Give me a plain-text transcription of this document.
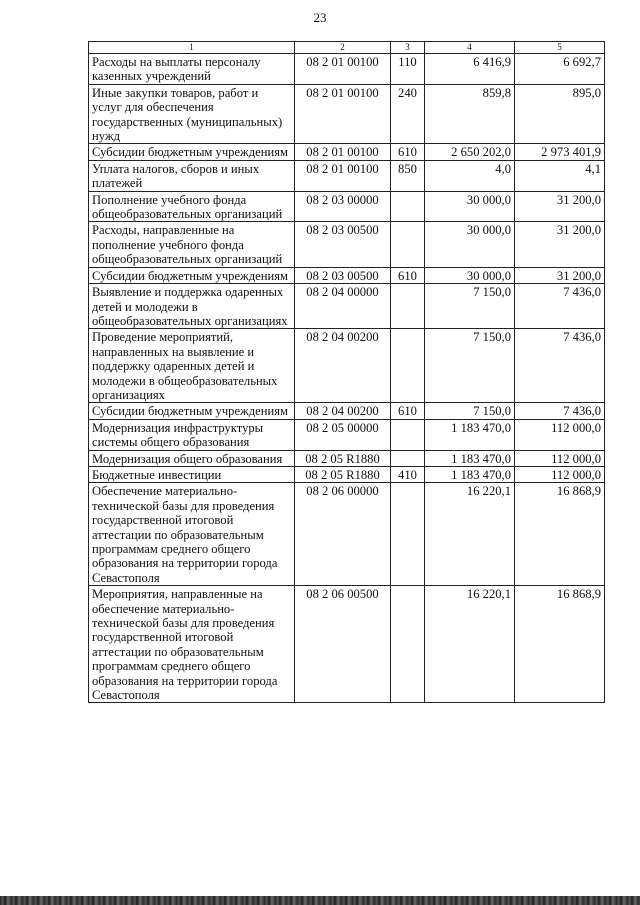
23
1	2	3	4	5
Расходы на выплаты персоналу казенных учреждений	08 2 01 00100	110	6 416,9	6 692,7
Иные закупки товаров, работ и услуг для обеспечения государственных (муниципальных) нужд	08 2 01 00100	240	859,8	895,0
Субсидии бюджетным учреждениям	08 2 01 00100	610	2 650 202,0	2 973 401,9
Уплата налогов, сборов и иных платежей	08 2 01 00100	850	4,0	4,1
Пополнение учебного фонда общеобразовательных организаций	08 2 03 00000		30 000,0	31 200,0
Расходы, направленные на пополнение учебного фонда общеобразовательных организаций	08 2 03 00500		30 000,0	31 200,0
Субсидии бюджетным учреждениям	08 2 03 00500	610	30 000,0	31 200,0
Выявление и поддержка одаренных детей и молодежи в общеобразовательных организациях	08 2 04 00000		7 150,0	7 436,0
Проведение мероприятий, направленных на выявление и поддержку одаренных детей и молодежи в общеобразовательных организациях	08 2 04 00200		7 150,0	7 436,0
Субсидии бюджетным учреждениям	08 2 04 00200	610	7 150,0	7 436,0
Модернизация инфраструктуры системы общего образования	08 2 05 00000		1 183 470,0	112 000,0
Модернизация общего образования	08 2 05 R1880		1 183 470,0	112 000,0
Бюджетные инвестиции	08 2 05 R1880	410	1 183 470,0	112 000,0
Обеспечение материально-технической базы для проведения государственной итоговой аттестации по образовательным программам среднего общего образования на территории города Севастополя	08 2 06 00000		16 220,1	16 868,9
Мероприятия, направленные на обеспечение материально-технической базы для проведения государственной итоговой аттестации по образовательным программам среднего общего образования на территории города Севастополя	08 2 06 00500		16 220,1	16 868,9
